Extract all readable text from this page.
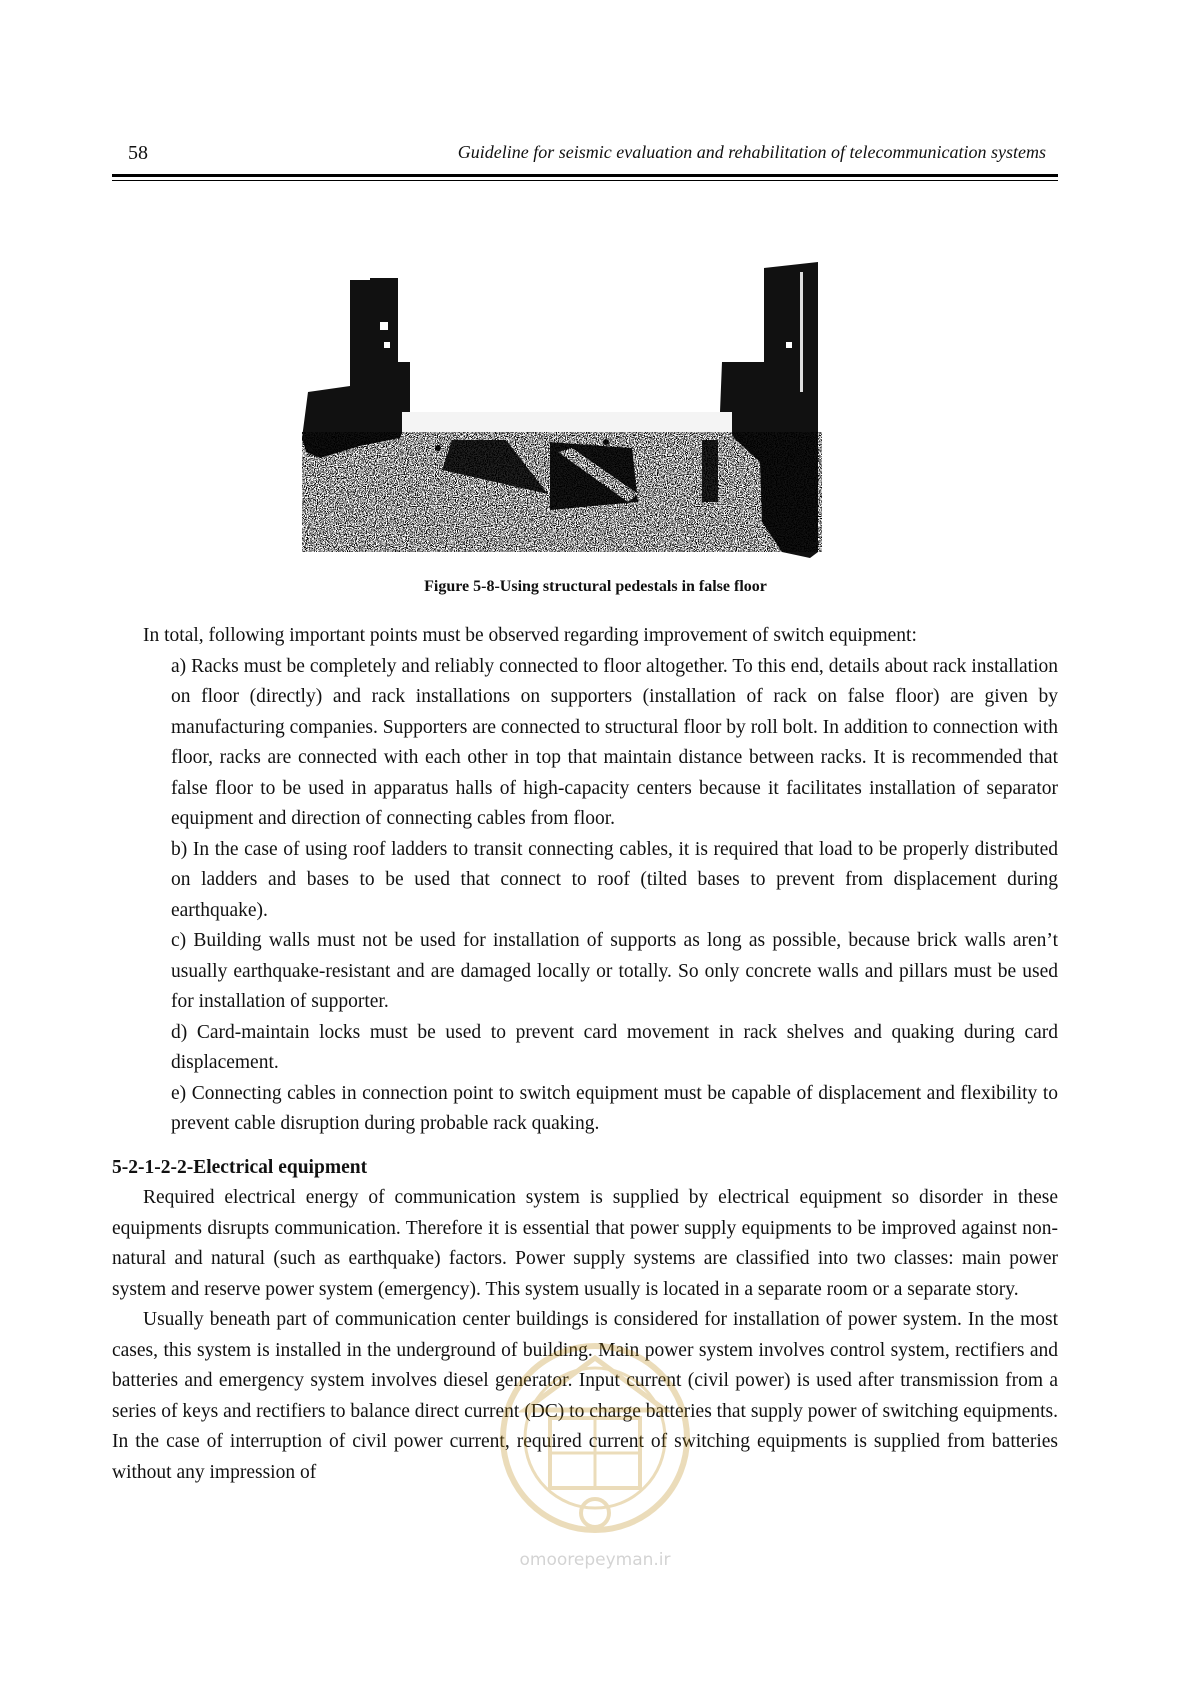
58	Guideline for seismic evaluation and rehabilitation of telecommunication systems
Figure 5-8-Using structural pedestals in false floor

In total, following important points must be observed regarding improvement of switch equipment:

a) Racks must be completely and reliably connected to floor altogether. To this end, details about rack installation on floor (directly) and rack installations on supporters (installation of rack on false floor) are given by manufacturing companies. Supporters are connected to structural floor by roll bolt. In addition to connection with floor, racks are connected with each other in top that maintain distance between racks. It is recommended that false floor to be used in apparatus halls of high-capacity centers because it facilitates installation of separator equipment and direction of connecting cables from floor.

b) In the case of using roof ladders to transit connecting cables, it is required that load to be properly distributed on ladders and bases to be used that connect to roof (tilted bases to prevent from displacement during earthquake).

c) Building walls must not be used for installation of supports as long as possible, because brick walls aren’t usually earthquake-resistant and are damaged locally or totally. So only concrete walls and pillars must be used for installation of supporter.

d) Card-maintain locks must be used to prevent card movement in rack shelves and quaking during card displacement.

e) Connecting cables in connection point to switch equipment must be capable of displacement and flexibility to prevent cable disruption during probable rack quaking.

5-2-1-2-2-Electrical equipment

Required electrical energy of communication system is supplied by electrical equipment so disorder in these equipments disrupts communication. Therefore it is essential that power supply equipments to be improved against non-natural and natural (such as earthquake) factors. Power supply systems are classified into two classes: main power system and reserve power system (emergency). This system usually is located in a separate room or a separate story.

Usually beneath part of communication center buildings is considered for installation of power system. In the most cases, this system is installed in the underground of building. Main power system involves control system, rectifiers and batteries and emergency system involves diesel generator. Input current (civil power) is used after transmission from a series of keys and rectifiers to balance direct current (DC) to charge batteries that supply power of switching equipments. In the case of interruption of civil power current, required current of switching equipments is supplied from batteries without any impression of

omoorepeyman.ir
